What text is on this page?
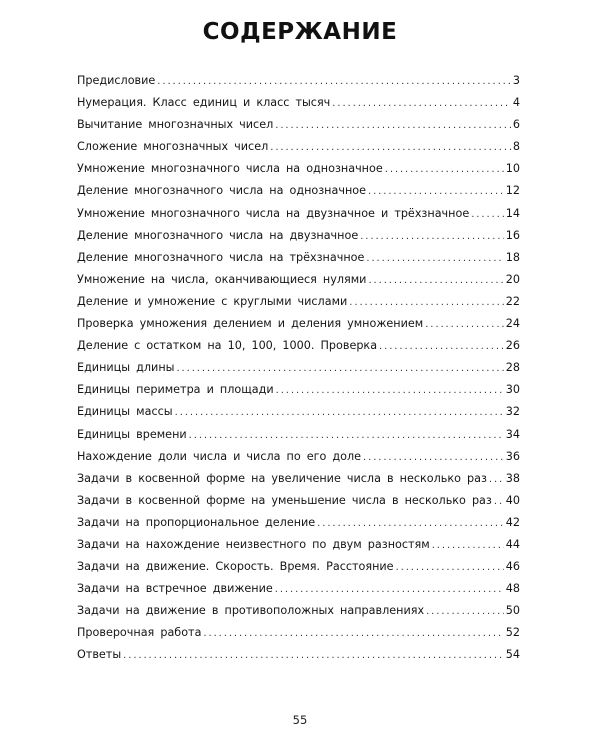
СОДЕРЖАНИЕ
Предисловие .....	3
Нумерация. Класс единиц и класс тысяч .....	4
Вычитание многозначных чисел .....	6
Сложение многозначных чисел .....	8
Умножение многозначного числа на однозначное .....	10
Деление многозначного числа на однозначное .....	12
Умножение многозначного числа на двузначное и трёхзначное .....	14
Деление многозначного числа на двузначное .....	16
Деление многозначного числа на трёхзначное .....	18
Умножение на числа, оканчивающиеся нулями .....	20
Деление и умножение с круглыми числами .....	22
Проверка умножения делением и деления умножением .....	24
Деление с остатком на 10, 100, 1000. Проверка .....	26
Единицы длины .....	28
Единицы периметра и площади .....	30
Единицы массы .....	32
Единицы времени .....	34
Нахождение доли числа и числа по его доле .....	36
Задачи в косвенной форме на увеличение числа в несколько раз ..... 38
Задачи в косвенной форме на уменьшение числа в несколько раз ..... 40
Задачи на пропорциональное деление .....	42
Задачи на нахождение неизвестного по двум разностям .....	44
Задачи на движение. Скорость. Время. Расстояние .....	46
Задачи на встречное движение .....	48
Задачи на движение в противоположных направлениях .....	50
Проверочная работа .....	52
Ответы .....	54
55
